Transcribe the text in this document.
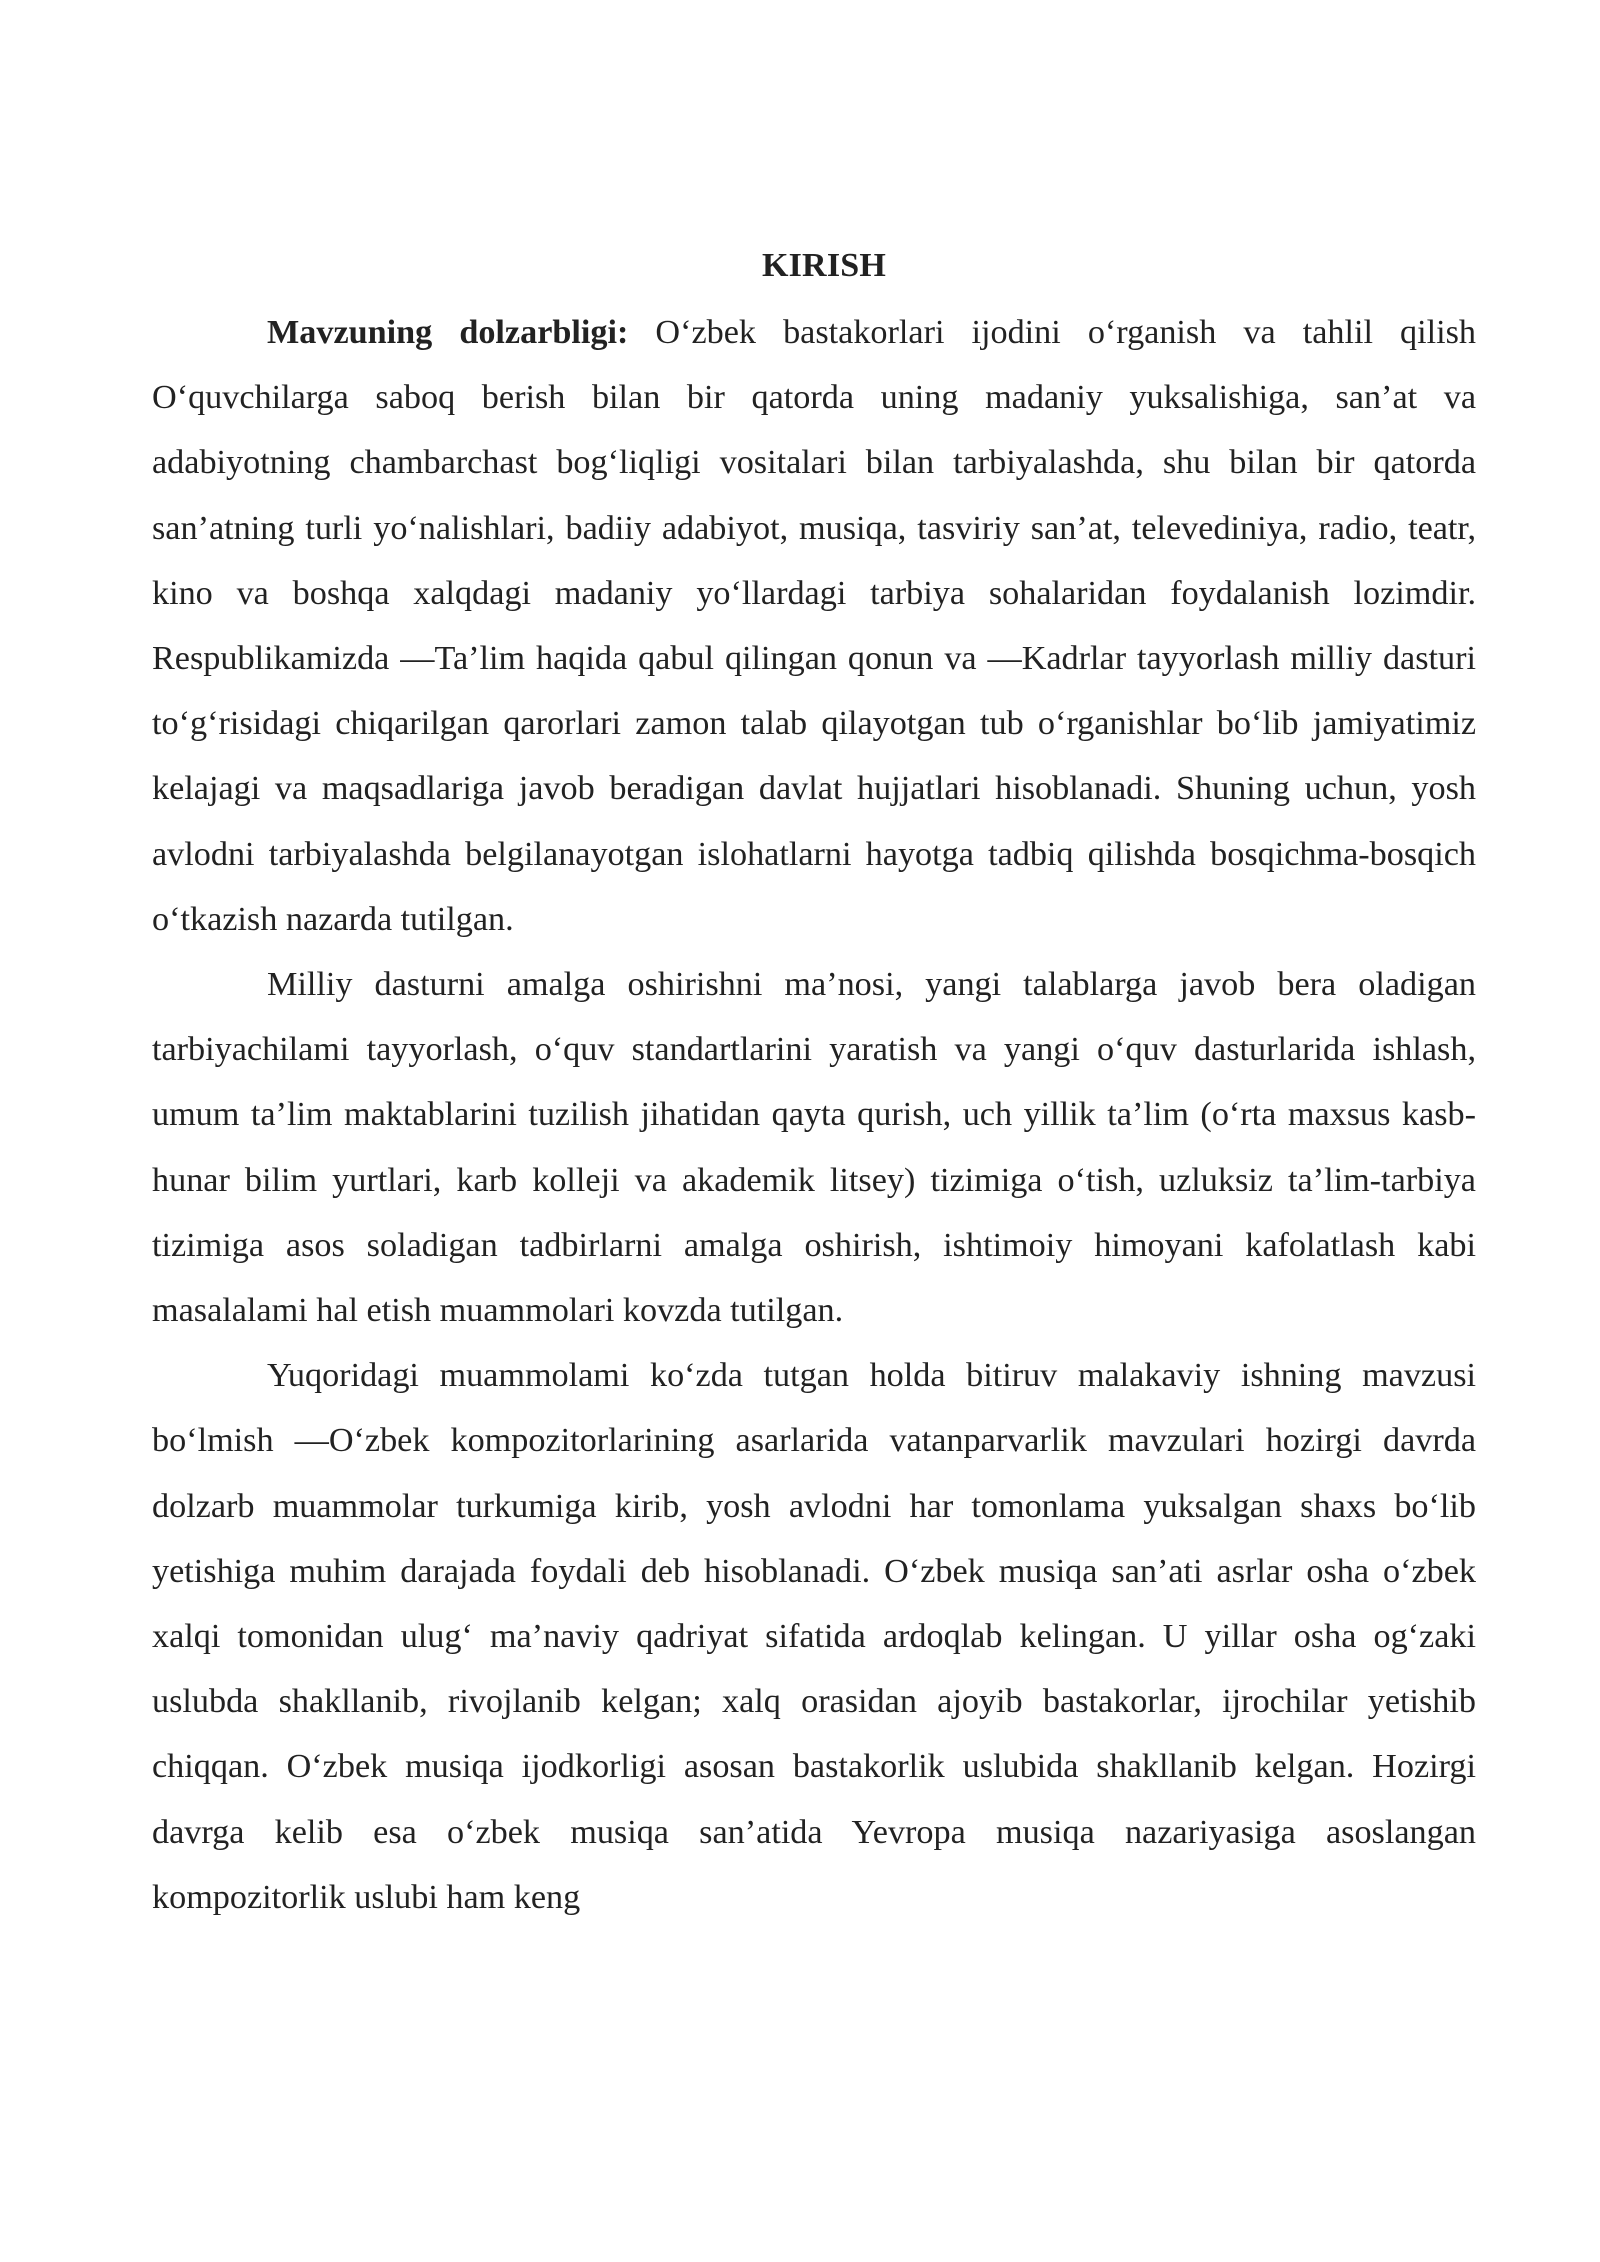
KIRISH

Mavzuning dolzarbligi: O‘zbek bastakorlari ijodini o‘rganish va tahlil qilish O‘quvchilarga saboq berish bilan bir qatorda uning madaniy yuksalishiga, san’at va adabiyotning chambarchast bog‘liqligi vositalari bilan tarbiyalashda, shu bilan bir qatorda san’atning turli yo‘nalishlari, badiiy adabiyot, musiqa, tasviriy san’at, televediniya, radio, teatr, kino va boshqa xalqdagi madaniy yo‘llardagi tarbiya sohalaridan foydalanish lozimdir. Respublikamizda —Ta’lim haqida qabul qilingan qonun va —Kadrlar tayyorlash milliy dasturi to‘g‘risidagi chiqarilgan qarorlari zamon talab qilayotgan tub o‘rganishlar bo‘lib jamiyatimiz kelajagi va maqsadlariga javob beradigan davlat hujjatlari hisoblanadi. Shuning uchun, yosh avlodni tarbiyalashda belgilanayotgan islohatlarni hayotga tadbiq qilishda bosqichma-bosqich o‘tkazish nazarda tutilgan.

Milliy dasturni amalga oshirishni ma’nosi, yangi talablarga javob bera oladigan tarbiyachilami tayyorlash, o‘quv standartlarini yaratish va yangi o‘quv dasturlarida ishlash, umum ta’lim maktablarini tuzilish jihatidan qayta qurish, uch yillik ta’lim (o‘rta maxsus kasb-hunar bilim yurtlari, karb kolleji va akademik litsey) tizimiga o‘tish, uzluksiz ta’lim-tarbiya tizimiga asos soladigan tadbirlarni amalga oshirish, ishtimoiy himoyani kafolatlash kabi masalalami hal etish muammolari kovzda tutilgan.

Yuqoridagi muammolami ko‘zda tutgan holda bitiruv malakaviy ishning mavzusi bo‘lmish —O‘zbek kompozitorlarining asarlarida vatanparvarlik mavzulari hozirgi davrda dolzarb muammolar turkumiga kirib, yosh avlodni har tomonlama yuksalgan shaxs bo‘lib yetishiga muhim darajada foydali deb hisoblanadi. O‘zbek musiqa san’ati asrlar osha o‘zbek xalqi tomonidan ulug‘ ma’naviy qadriyat sifatida ardoqlab kelingan. U yillar osha og‘zaki uslubda shakllanib, rivojlanib kelgan; xalq orasidan ajoyib bastakorlar, ijrochilar yetishib chiqqan. O‘zbek musiqa ijodkorligi asosan bastakorlik uslubida shakllanib kelgan. Hozirgi davrga kelib esa o‘zbek musiqa san’atida Yevropa musiqa nazariyasiga asoslangan kompozitorlik uslubi ham keng
